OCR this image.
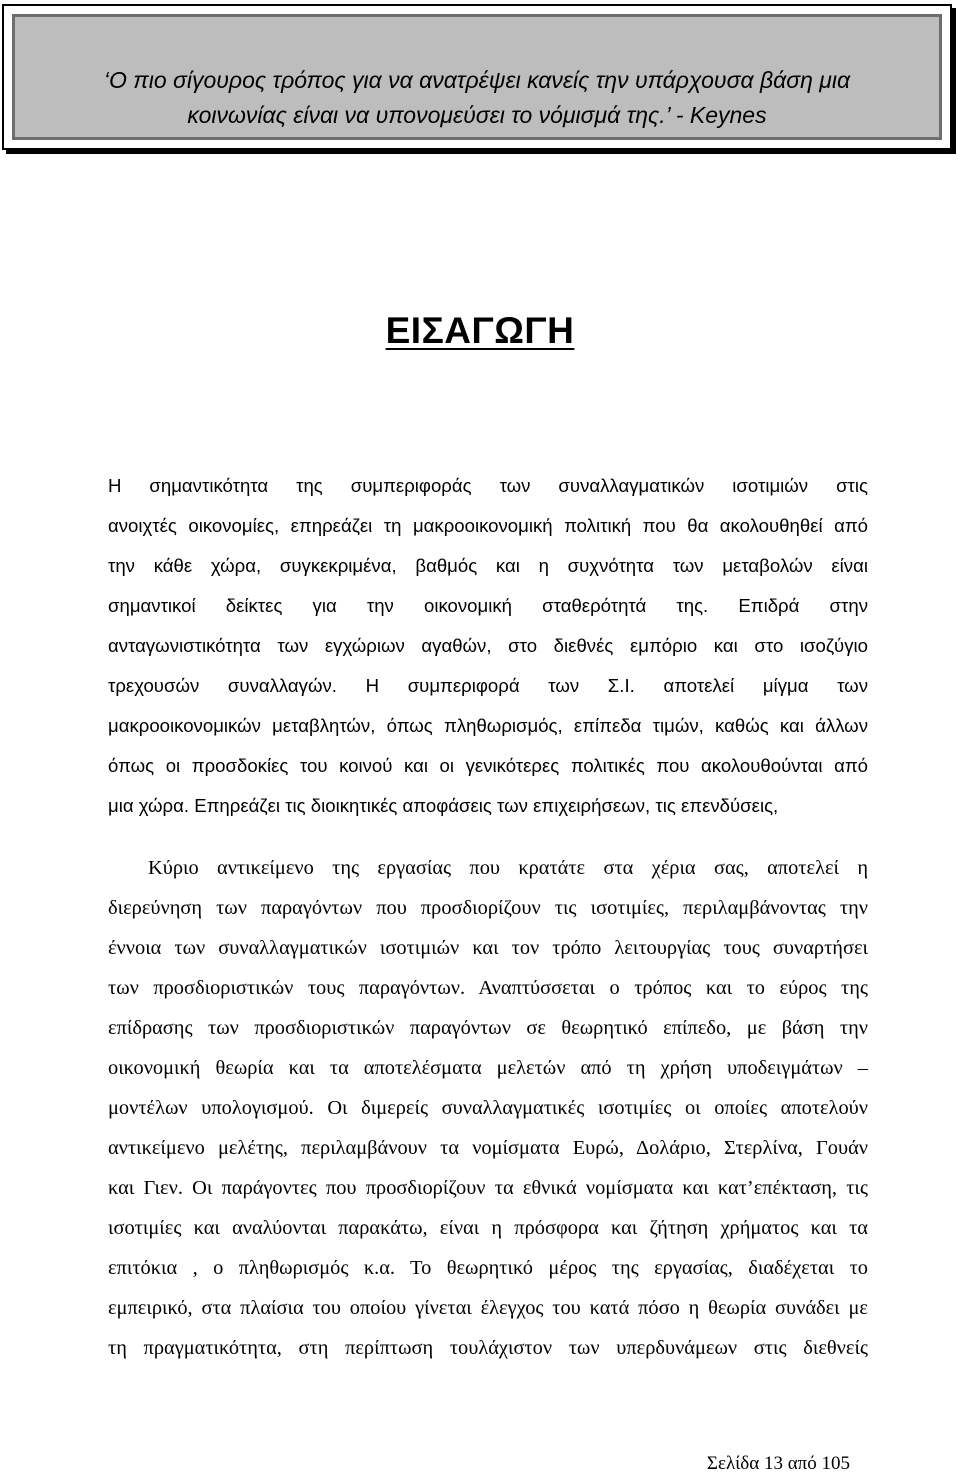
‘Ο πιο σίγουρος τρόπος για να ανατρέψει κανείς την υπάρχουσα βάση μια
κοινωνίας είναι να υπονομεύσει το νόμισμά της.’ - Keynes

ΕΙΣΑΓΩΓΗ

Η σημαντικότητα της συμπεριφοράς των συναλλαγματικών ισοτιμιών στις
ανοιχτές οικονομίες, επηρεάζει τη μακροοικονομική πολιτική που θα ακολουθηθεί από
την κάθε χώρα, συγκεκριμένα, βαθμός και η συχνότητα των μεταβολών είναι
σημαντικοί δείκτες για την οικονομική σταθερότητά της. Επιδρά στην
ανταγωνιστικότητα των εγχώριων αγαθών, στο διεθνές εμπόριο και στο ισοζύγιο
τρεχουσών συναλλαγών. Η συμπεριφορά των Σ.Ι. αποτελεί μίγμα των
μακροοικονομικών μεταβλητών, όπως πληθωρισμός, επίπεδα τιμών, καθώς και άλλων
όπως οι προσδοκίες του κοινού και οι γενικότερες πολιτικές που ακολουθούνται από
μια χώρα. Επηρεάζει τις διοικητικές αποφάσεις των επιχειρήσεων, τις επενδύσεις,

Κύριο αντικείμενο της εργασίας που κρατάτε στα χέρια σας, αποτελεί η
διερεύνηση των παραγόντων που προσδιορίζουν τις ισοτιμίες, περιλαμβάνοντας την
έννοια των συναλλαγματικών ισοτιμιών και τον τρόπο λειτουργίας τους συναρτήσει
των προσδιοριστικών τους παραγόντων. Αναπτύσσεται ο τρόπος και το εύρος της
επίδρασης των προσδιοριστικών παραγόντων σε θεωρητικό επίπεδο, με βάση την
οικονομική θεωρία και τα αποτελέσματα μελετών από τη χρήση υποδειγμάτων –
μοντέλων υπολογισμού. Οι διμερείς συναλλαγματικές ισοτιμίες οι οποίες αποτελούν
αντικείμενο μελέτης, περιλαμβάνουν τα νομίσματα Ευρώ, Δολάριο, Στερλίνα, Γουάν
και Γιεν. Οι παράγοντες που προσδιορίζουν τα εθνικά νομίσματα και κατ’επέκταση, τις
ισοτιμίες και αναλύονται παρακάτω, είναι η πρόσφορα και ζήτηση χρήματος και τα
επιτόκια , ο πληθωρισμός κ.α. Το θεωρητικό μέρος της εργασίας, διαδέχεται το
εμπειρικό, στα πλαίσια του οποίου γίνεται έλεγχος του κατά πόσο η θεωρία συνάδει με
τη πραγματικότητα, στη περίπτωση τουλάχιστον των υπερδυνάμεων στις διεθνείς

Σελίδα 13 από 105
